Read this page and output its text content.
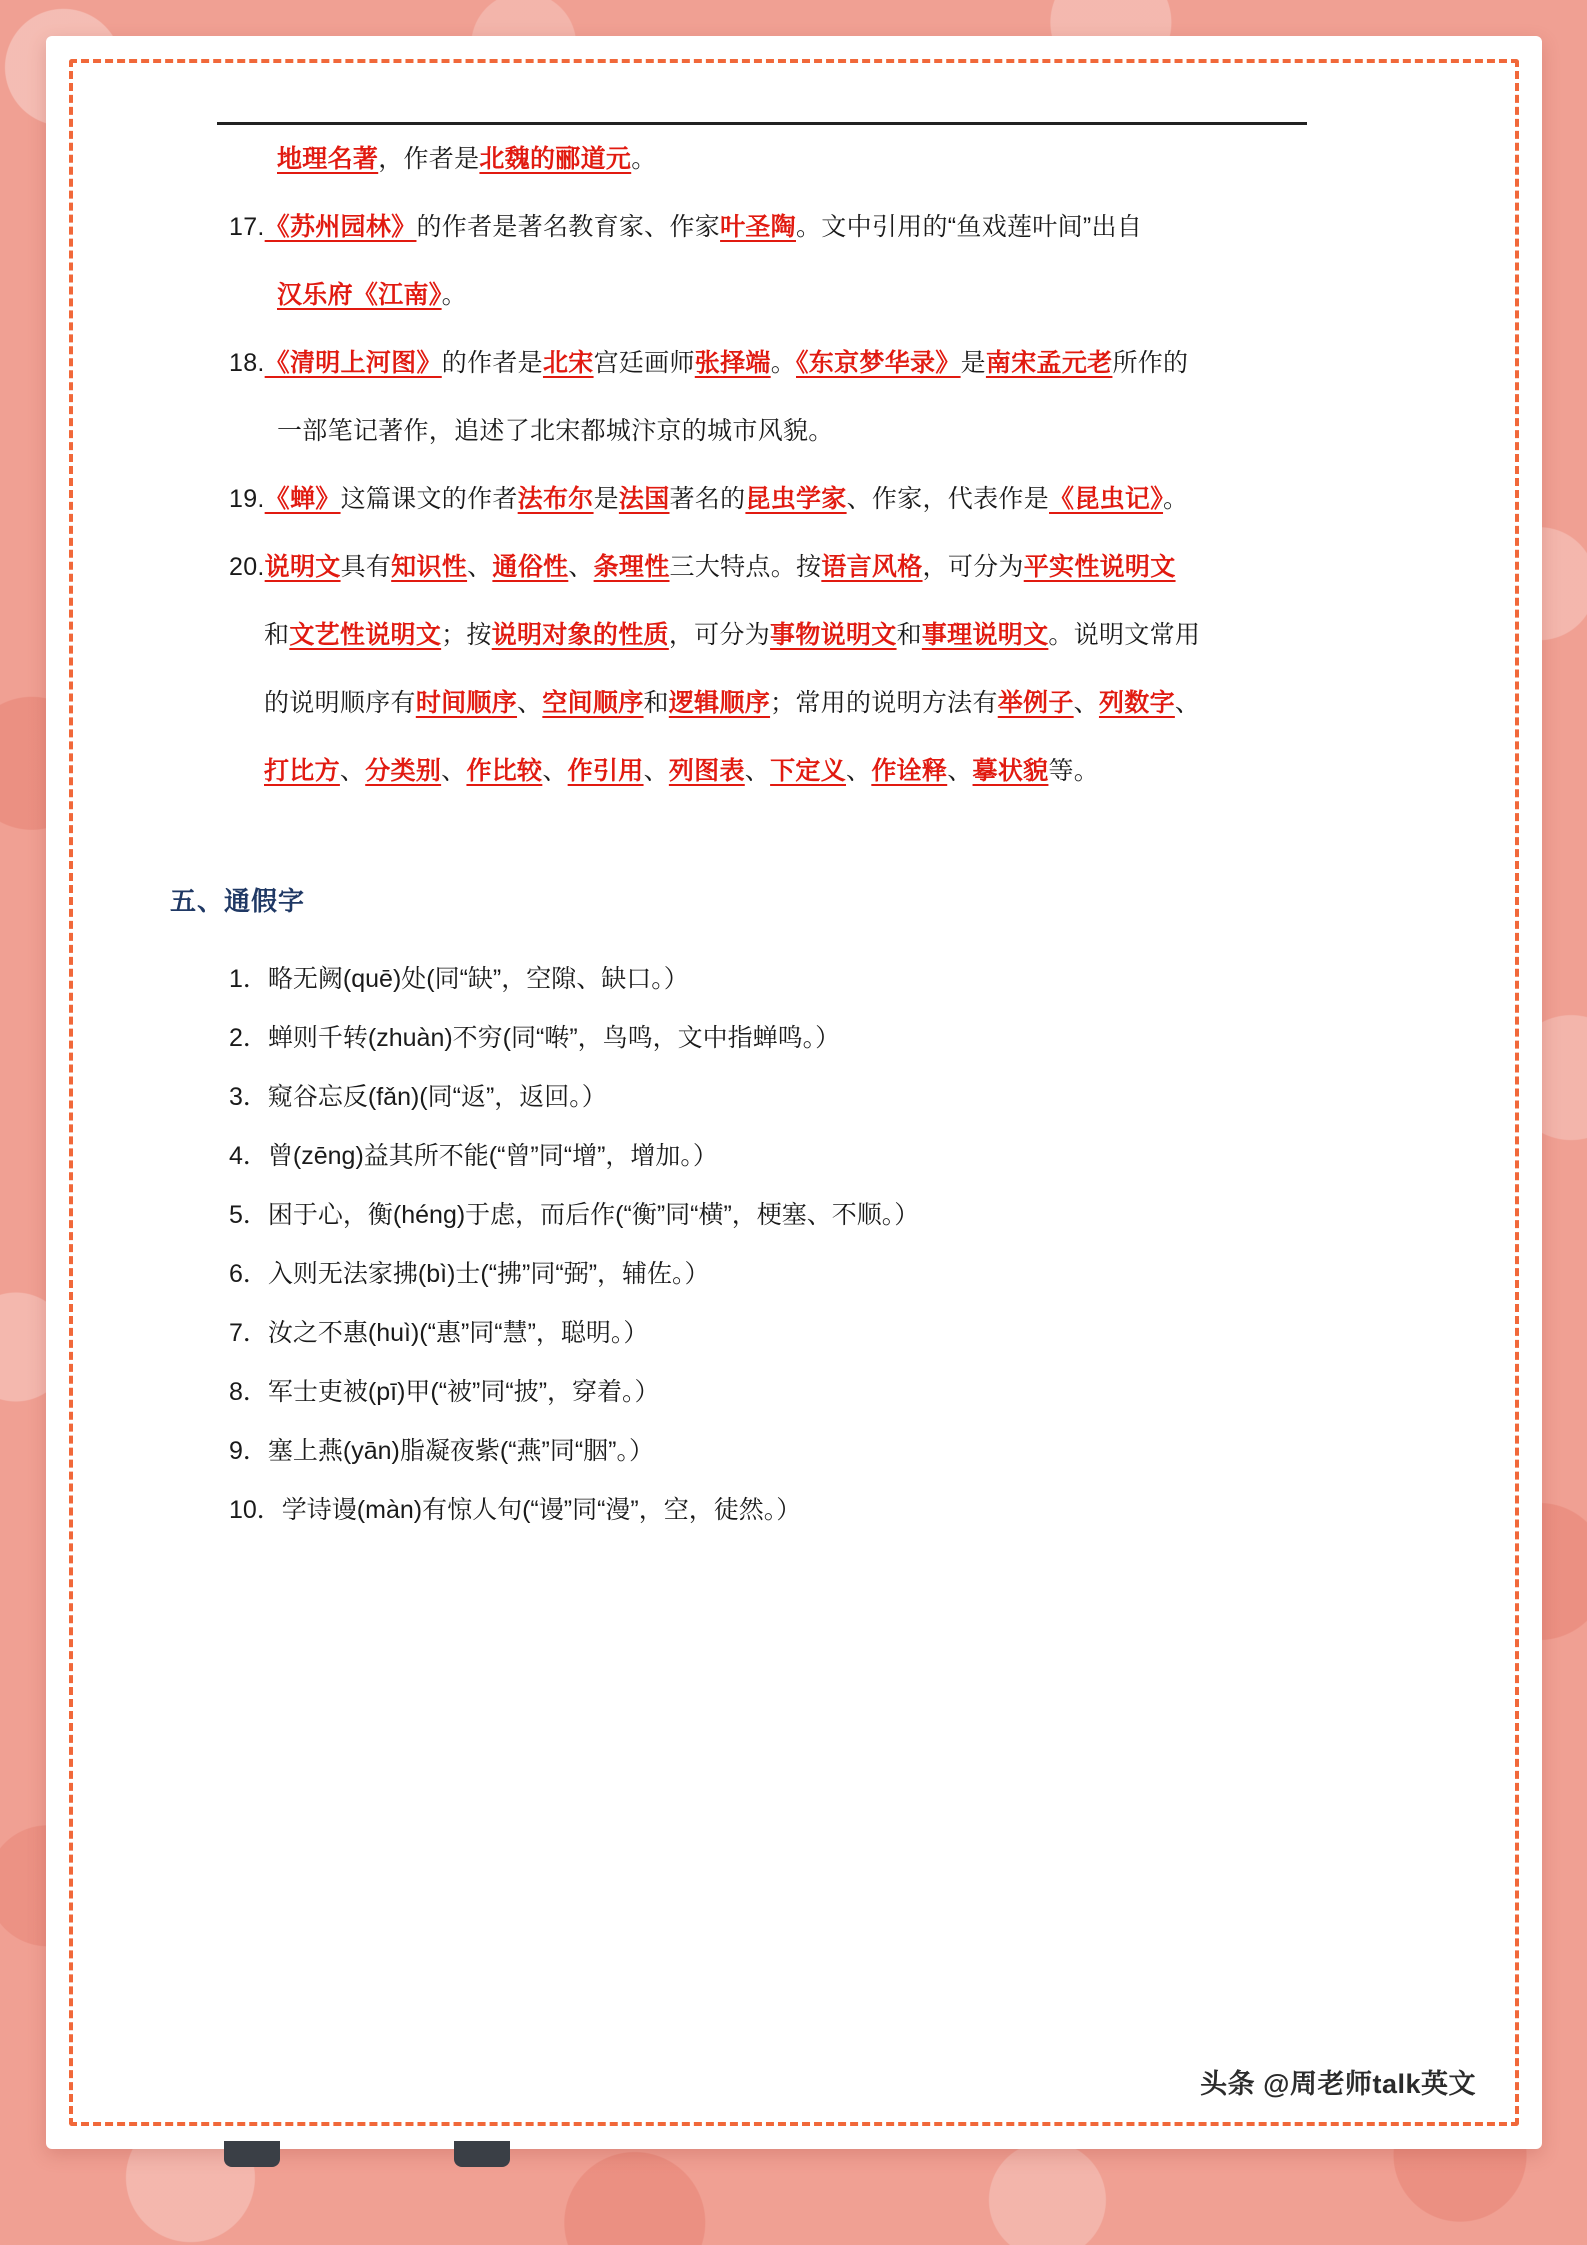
地理名著，作者是北魏的郦道元。
17.《苏州园林》的作者是著名教育家、作家叶圣陶。文中引用的“鱼戏莲叶间”出自
汉乐府《江南》。
18.《清明上河图》的作者是北宋宫廷画师张择端。《东京梦华录》是南宋孟元老所作的
一部笔记著作，追述了北宋都城汴京的城市风貌。
19.《蝉》这篇课文的作者法布尔是法国著名的昆虫学家、作家，代表作是《昆虫记》。
20.说明文具有知识性、通俗性、条理性三大特点。按语言风格，可分为平实性说明文
和文艺性说明文；按说明对象的性质，可分为事物说明文和事理说明文。说明文常用
的说明顺序有时间顺序、空间顺序和逻辑顺序；常用的说明方法有举例子、列数字、
打比方、分类别、作比较、作引用、列图表、下定义、作诠释、摹状貌等。
五、通假字
1．略无阙(quē)处(同“缺”，空隙、缺口。）
2．蝉则千转(zhuàn)不穷(同“啭”，鸟鸣，文中指蝉鸣。）
3．窥谷忘反(fǎn)(同“返”，返回。）
4．曾(zēng)益其所不能(“曾”同“增”，增加。）
5．困于心，衡(héng)于虑，而后作(“衡”同“横”，梗塞、不顺。）
6．入则无法家拂(bì)士(“拂”同“弼”，辅佐。）
7．汝之不惠(huì)(“惠”同“慧”，聪明。）
8．军士吏被(pī)甲(“被”同“披”，穿着。）
9．塞上燕(yān)脂凝夜紫(“燕”同“胭”。）
10．学诗谩(màn)有惊人句(“谩”同“漫”，空，徒然。）
头条 @周老师talk英文
